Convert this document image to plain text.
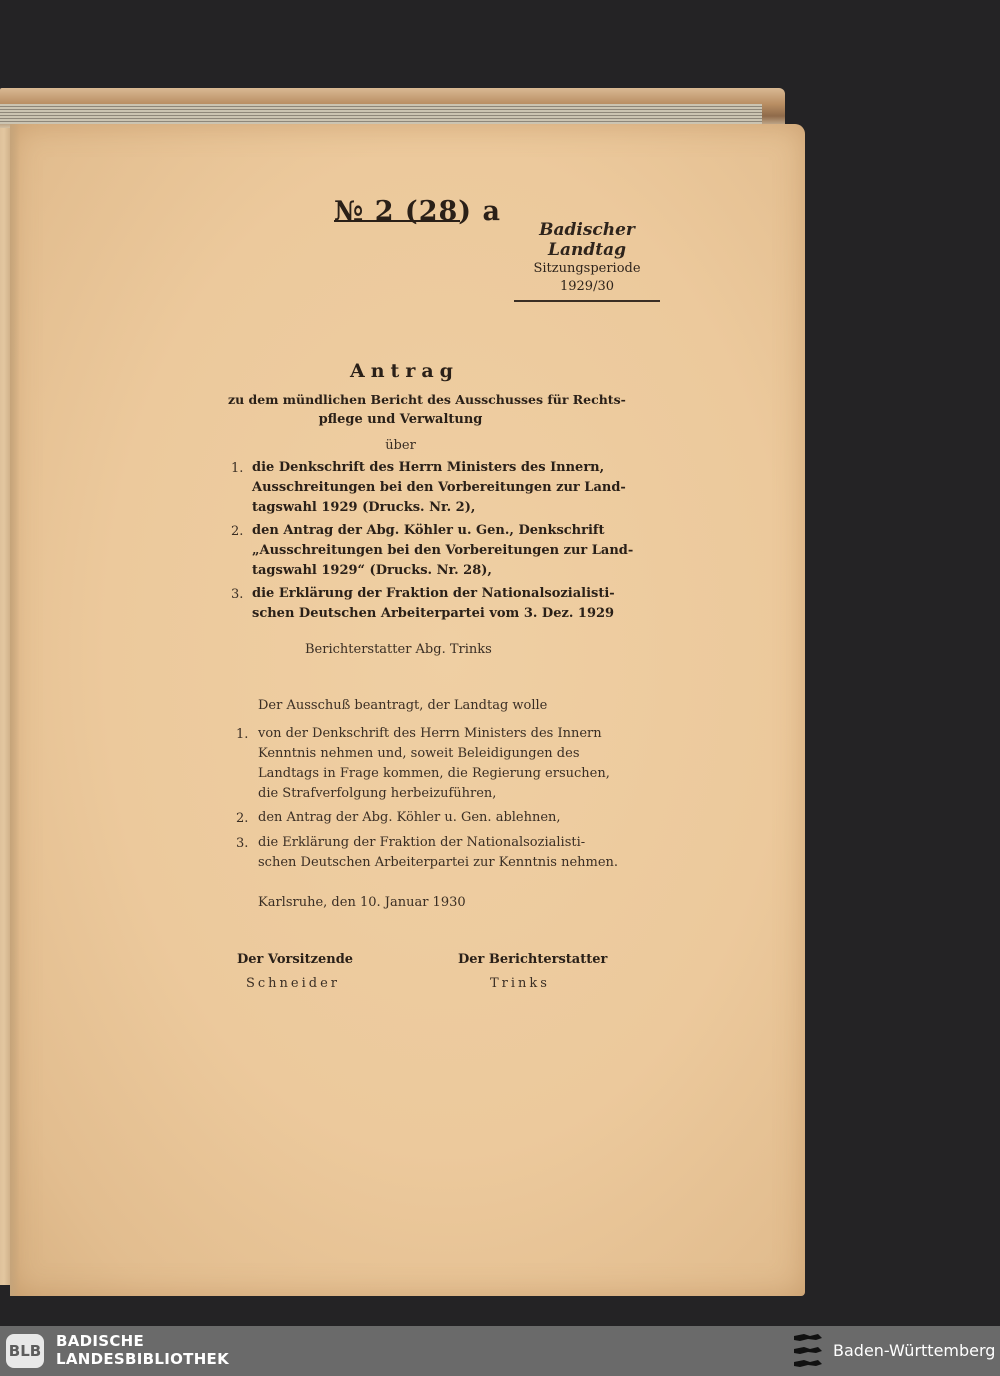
№ 2 (28) a
Badischer Landtag
Sitzungsperiode
1929/30
Antrag
zu dem mündlichen Bericht des Ausschusses für Rechts-
pflege und Verwaltung
über
1. die Denkschrift des Herrn Ministers des Innern,
Ausschreitungen bei den Vorbereitungen zur Land-
tagswahl 1929 (Drucks. Nr. 2),
2. den Antrag der Abg. Köhler u. Gen., Denkschrift
„Ausschreitungen bei den Vorbereitungen zur Land-
tagswahl 1929“ (Drucks. Nr. 28),
3. die Erklärung der Fraktion der Nationalsozialisti-
schen Deutschen Arbeiterpartei vom 3. Dez. 1929
Berichterstatter Abg. Trinks
Der Ausschuß beantragt, der Landtag wolle
1. von der Denkschrift des Herrn Ministers des Innern
Kenntnis nehmen und, soweit Beleidigungen des
Landtags in Frage kommen, die Regierung ersuchen,
die Strafverfolgung herbeizuführen,
2. den Antrag der Abg. Köhler u. Gen. ablehnen,
3. die Erklärung der Fraktion der Nationalsozialisti-
schen Deutschen Arbeiterpartei zur Kenntnis nehmen.
Karlsruhe, den 10. Januar 1930
Der Vorsitzende
Schneider
Der Berichterstatter
Trinks
BLB
BADISCHE
LANDESBIBLIOTHEK	Baden-Württemberg
